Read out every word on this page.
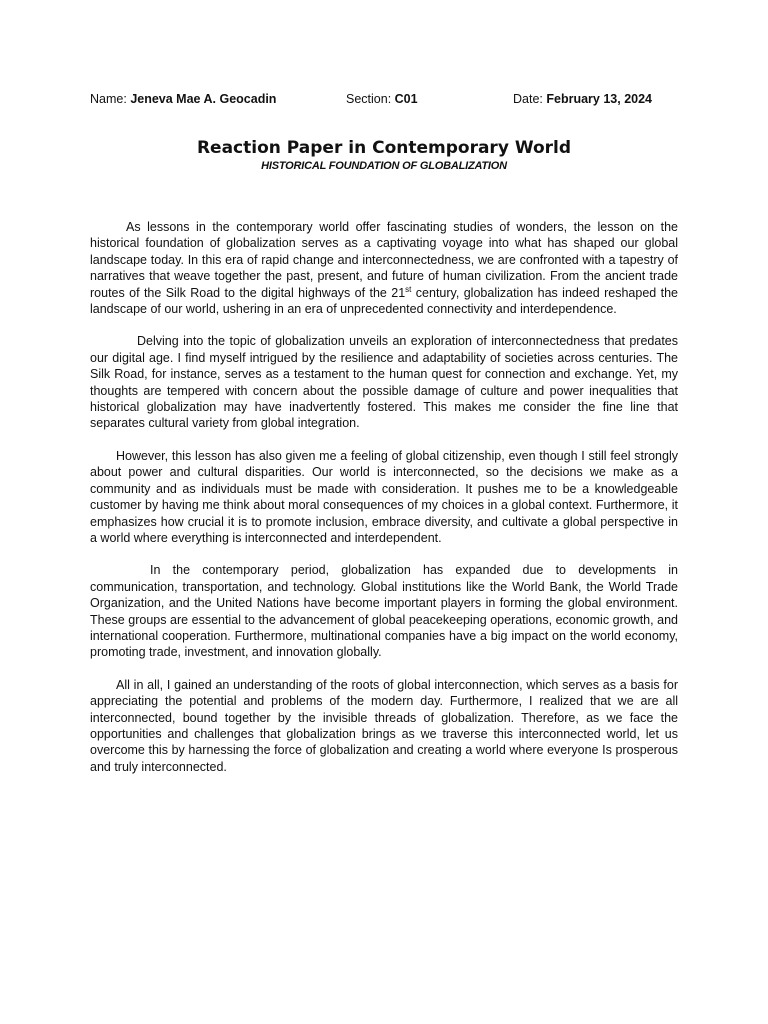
Name: Jeneva Mae A. Geocadin	Section: C01	Date: February 13, 2024
Reaction Paper in Contemporary World
HISTORICAL FOUNDATION OF GLOBALIZATION

As lessons in the contemporary world offer fascinating studies of wonders, the lesson on the historical foundation of globalization serves as a captivating voyage into what has shaped our global landscape today. In this era of rapid change and interconnectedness, we are confronted with a tapestry of narratives that weave together the past, present, and future of human civilization. From the ancient trade routes of the Silk Road to the digital highways of the 21st century, globalization has indeed reshaped the landscape of our world, ushering in an era of unprecedented connectivity and interdependence.

Delving into the topic of globalization unveils an exploration of interconnectedness that predates our digital age. I find myself intrigued by the resilience and adaptability of societies across centuries. The Silk Road, for instance, serves as a testament to the human quest for connection and exchange. Yet, my thoughts are tempered with concern about the possible damage of culture and power inequalities that historical globalization may have inadvertently fostered. This makes me consider the fine line that separates cultural variety from global integration.

However, this lesson has also given me a feeling of global citizenship, even though I still feel strongly about power and cultural disparities. Our world is interconnected, so the decisions we make as a community and as individuals must be made with consideration. It pushes me to be a knowledgeable customer by having me think about moral consequences of my choices in a global context. Furthermore, it emphasizes how crucial it is to promote inclusion, embrace diversity, and cultivate a global perspective in a world where everything is interconnected and interdependent.

In the contemporary period, globalization has expanded due to developments in communication, transportation, and technology. Global institutions like the World Bank, the World Trade Organization, and the United Nations have become important players in forming the global environment. These groups are essential to the advancement of global peacekeeping operations, economic growth, and international cooperation. Furthermore, multinational companies have a big impact on the world economy, promoting trade, investment, and innovation globally.

All in all, I gained an understanding of the roots of global interconnection, which serves as a basis for appreciating the potential and problems of the modern day. Furthermore, I realized that we are all interconnected, bound together by the invisible threads of globalization. Therefore, as we face the opportunities and challenges that globalization brings as we traverse this interconnected world, let us overcome this by harnessing the force of globalization and creating a world where everyone Is prosperous and truly interconnected.
